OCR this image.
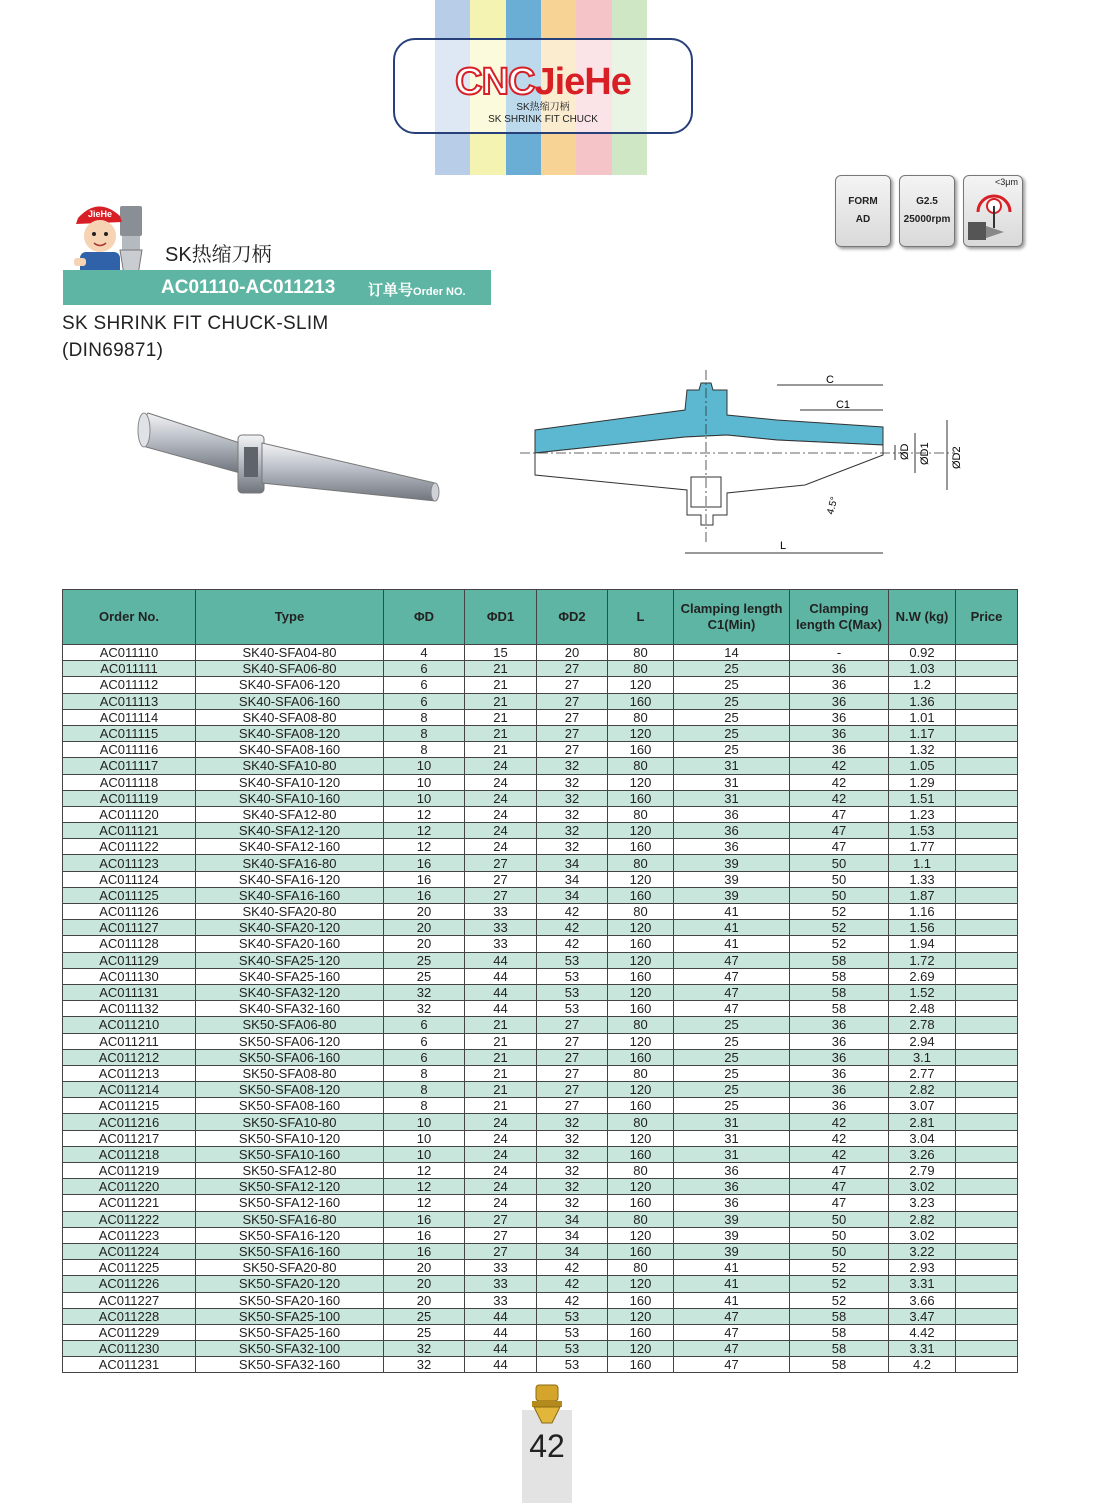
CNCJieHe
SK热缩刀柄
SK SHRINK FIT CHUCK
FORM
AD
G2.5
25000rpm
<3μm
JieHe
SK热缩刀柄
AC01110-AC011213 订单号Order NO.
SK SHRINK FIT CHUCK-SLIM
(DIN69871)
C
C1
L
ØD ØD1 ØD2
4.5°
Order No.	Type	ΦD	ΦD1	ΦD2	L	Clamping length C1(Min)	Clamping length C(Max)	N.W (kg)	Price
AC011110	SK40-SFA04-80	4	15	20	80	14	-	0.92	
AC011111	SK40-SFA06-80	6	21	27	80	25	36	1.03	
AC011112	SK40-SFA06-120	6	21	27	120	25	36	1.2	
AC011113	SK40-SFA06-160	6	21	27	160	25	36	1.36	
AC011114	SK40-SFA08-80	8	21	27	80	25	36	1.01	
AC011115	SK40-SFA08-120	8	21	27	120	25	36	1.17	
AC011116	SK40-SFA08-160	8	21	27	160	25	36	1.32	
AC011117	SK40-SFA10-80	10	24	32	80	31	42	1.05	
AC011118	SK40-SFA10-120	10	24	32	120	31	42	1.29	
AC011119	SK40-SFA10-160	10	24	32	160	31	42	1.51	
AC011120	SK40-SFA12-80	12	24	32	80	36	47	1.23	
AC011121	SK40-SFA12-120	12	24	32	120	36	47	1.53	
AC011122	SK40-SFA12-160	12	24	32	160	36	47	1.77	
AC011123	SK40-SFA16-80	16	27	34	80	39	50	1.1	
AC011124	SK40-SFA16-120	16	27	34	120	39	50	1.33	
AC011125	SK40-SFA16-160	16	27	34	160	39	50	1.87	
AC011126	SK40-SFA20-80	20	33	42	80	41	52	1.16	
AC011127	SK40-SFA20-120	20	33	42	120	41	52	1.56	
AC011128	SK40-SFA20-160	20	33	42	160	41	52	1.94	
AC011129	SK40-SFA25-120	25	44	53	120	47	58	1.72	
AC011130	SK40-SFA25-160	25	44	53	160	47	58	2.69	
AC011131	SK40-SFA32-120	32	44	53	120	47	58	1.52	
AC011132	SK40-SFA32-160	32	44	53	160	47	58	2.48	
AC011210	SK50-SFA06-80	6	21	27	80	25	36	2.78	
AC011211	SK50-SFA06-120	6	21	27	120	25	36	2.94	
AC011212	SK50-SFA06-160	6	21	27	160	25	36	3.1	
AC011213	SK50-SFA08-80	8	21	27	80	25	36	2.77	
AC011214	SK50-SFA08-120	8	21	27	120	25	36	2.82	
AC011215	SK50-SFA08-160	8	21	27	160	25	36	3.07	
AC011216	SK50-SFA10-80	10	24	32	80	31	42	2.81	
AC011217	SK50-SFA10-120	10	24	32	120	31	42	3.04	
AC011218	SK50-SFA10-160	10	24	32	160	31	42	3.26	
AC011219	SK50-SFA12-80	12	24	32	80	36	47	2.79	
AC011220	SK50-SFA12-120	12	24	32	120	36	47	3.02	
AC011221	SK50-SFA12-160	12	24	32	160	36	47	3.23	
AC011222	SK50-SFA16-80	16	27	34	80	39	50	2.82	
AC011223	SK50-SFA16-120	16	27	34	120	39	50	3.02	
AC011224	SK50-SFA16-160	16	27	34	160	39	50	3.22	
AC011225	SK50-SFA20-80	20	33	42	80	41	52	2.93	
AC011226	SK50-SFA20-120	20	33	42	120	41	52	3.31	
AC011227	SK50-SFA20-160	20	33	42	160	41	52	3.66	
AC011228	SK50-SFA25-100	25	44	53	120	47	58	3.47	
AC011229	SK50-SFA25-160	25	44	53	160	47	58	4.42	
AC011230	SK50-SFA32-100	32	44	53	120	47	58	3.31	
AC011231	SK50-SFA32-160	32	44	53	160	47	58	4.2	
42
